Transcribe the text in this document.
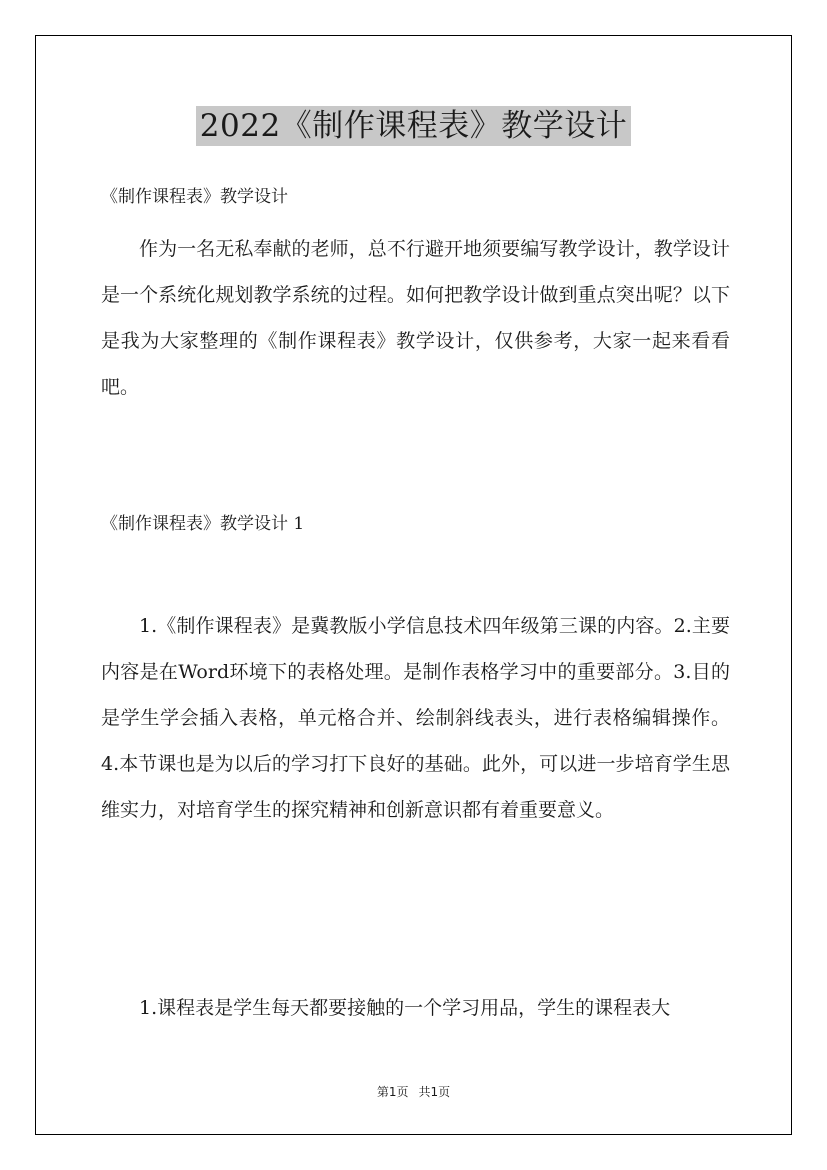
2022《制作课程表》教学设计
《制作课程表》教学设计
作为一名无私奉献的老师，总不行避开地须要编写教学设计，教学设计是一个系统化规划教学系统的过程。如何把教学设计做到重点突出呢？以下是我为大家整理的《制作课程表》教学设计，仅供参考，大家一起来看看吧。
《制作课程表》教学设计 1
1.《制作课程表》是冀教版小学信息技术四年级第三课的内容。2.主要内容是在Word环境下的表格处理。是制作表格学习中的重要部分。3.目的是学生学会插入表格，单元格合并、绘制斜线表头，进行表格编辑操作。 4.本节课也是为以后的学习打下良好的基础。此外，可以进一步培育学生思维实力，对培育学生的探究精神和创新意识都有着重要意义。
1.课程表是学生每天都要接触的一个学习用品，学生的课程表大
第1页 共1页
